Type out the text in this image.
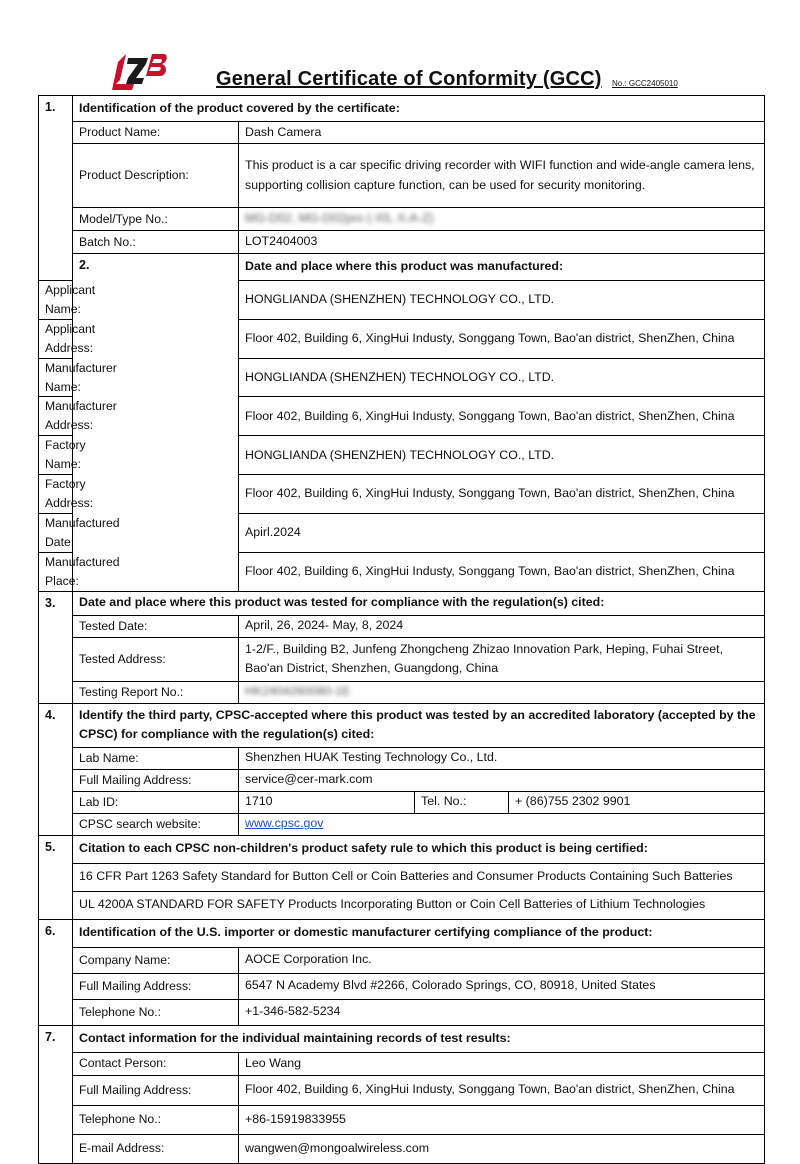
General Certificate of Conformity (GCC) No.: GCC2405010
1.	Identification of the product covered by the certificate:			
	Product Name:	Dash Camera		
	Product Description:	This product is a car specific driving recorder with WIFI function and wide-angle camera lens, supporting collision capture function, can be used for security monitoring.		
	Model/Type No.:	MG-D02, MG-D02pro (-X5, X-A-Z)		
	Batch No.:	LOT2404003		
	2.	Date and place where this product was manufactured:		
Applicant Name:		HONGLIANDA (SHENZHEN) TECHNOLOGY CO., LTD.		
Applicant Address:		Floor 402, Building 6, XingHui Industy, Songgang Town, Bao'an district, ShenZhen, China		
Manufacturer Name:		HONGLIANDA (SHENZHEN) TECHNOLOGY CO., LTD.		
Manufacturer Address:		Floor 402, Building 6, XingHui Industy, Songgang Town, Bao'an district, ShenZhen, China		
Factory Name:		HONGLIANDA (SHENZHEN) TECHNOLOGY CO., LTD.		
Factory Address:		Floor 402, Building 6, XingHui Industy, Songgang Town, Bao'an district, ShenZhen, China		
Manufactured Date:		Apirl.2024		
Manufactured Place:		Floor 402, Building 6, XingHui Industy, Songgang Town, Bao'an district, ShenZhen, China		
3.	Date and place where this product was tested for compliance with the regulation(s) cited:			
	Tested Date:	April, 26, 2024- May, 8, 2024		
	Tested Address:	1-2/F., Building B2, Junfeng Zhongcheng Zhizao Innovation Park, Heping, Fuhai Street, Bao'an District, Shenzhen, Guangdong, China		
	Testing Report No.:	HK2404260080-1E		
4.	Identify the third party, CPSC-accepted where this product was tested by an accredited laboratory (accepted by the CPSC) for compliance with the regulation(s) cited:			
	Lab Name:	Shenzhen HUAK Testing Technology Co., Ltd.		
	Full Mailing Address:	service@cer-mark.com		
	Lab ID:	1710	Tel. No.:	+ (86)755 2302 9901
	CPSC search website:	www.cpsc.gov		
5.	Citation to each CPSC non-children's product safety rule to which this product is being certified:			
	16 CFR Part 1263 Safety Standard for Button Cell or Coin Batteries and Consumer Products Containing Such Batteries			
	UL 4200A STANDARD FOR SAFETY Products Incorporating Button or Coin Cell Batteries of Lithium Technologies			
6.	Identification of the U.S. importer or domestic manufacturer certifying compliance of the product:			
	Company Name:	AOCE Corporation Inc.		
	Full Mailing Address:	6547 N Academy Blvd #2266, Colorado Springs, CO, 80918, United States		
	Telephone No.:	+1-346-582-5234		
7.	Contact information for the individual maintaining records of test results:			
	Contact Person:	Leo Wang		
	Full Mailing Address:	Floor 402, Building 6, XingHui Industy, Songgang Town, Bao'an district, ShenZhen, China		
	Telephone No.:	+86-15919833955		
	E-mail Address:	wangwen@mongoalwireless.com		
